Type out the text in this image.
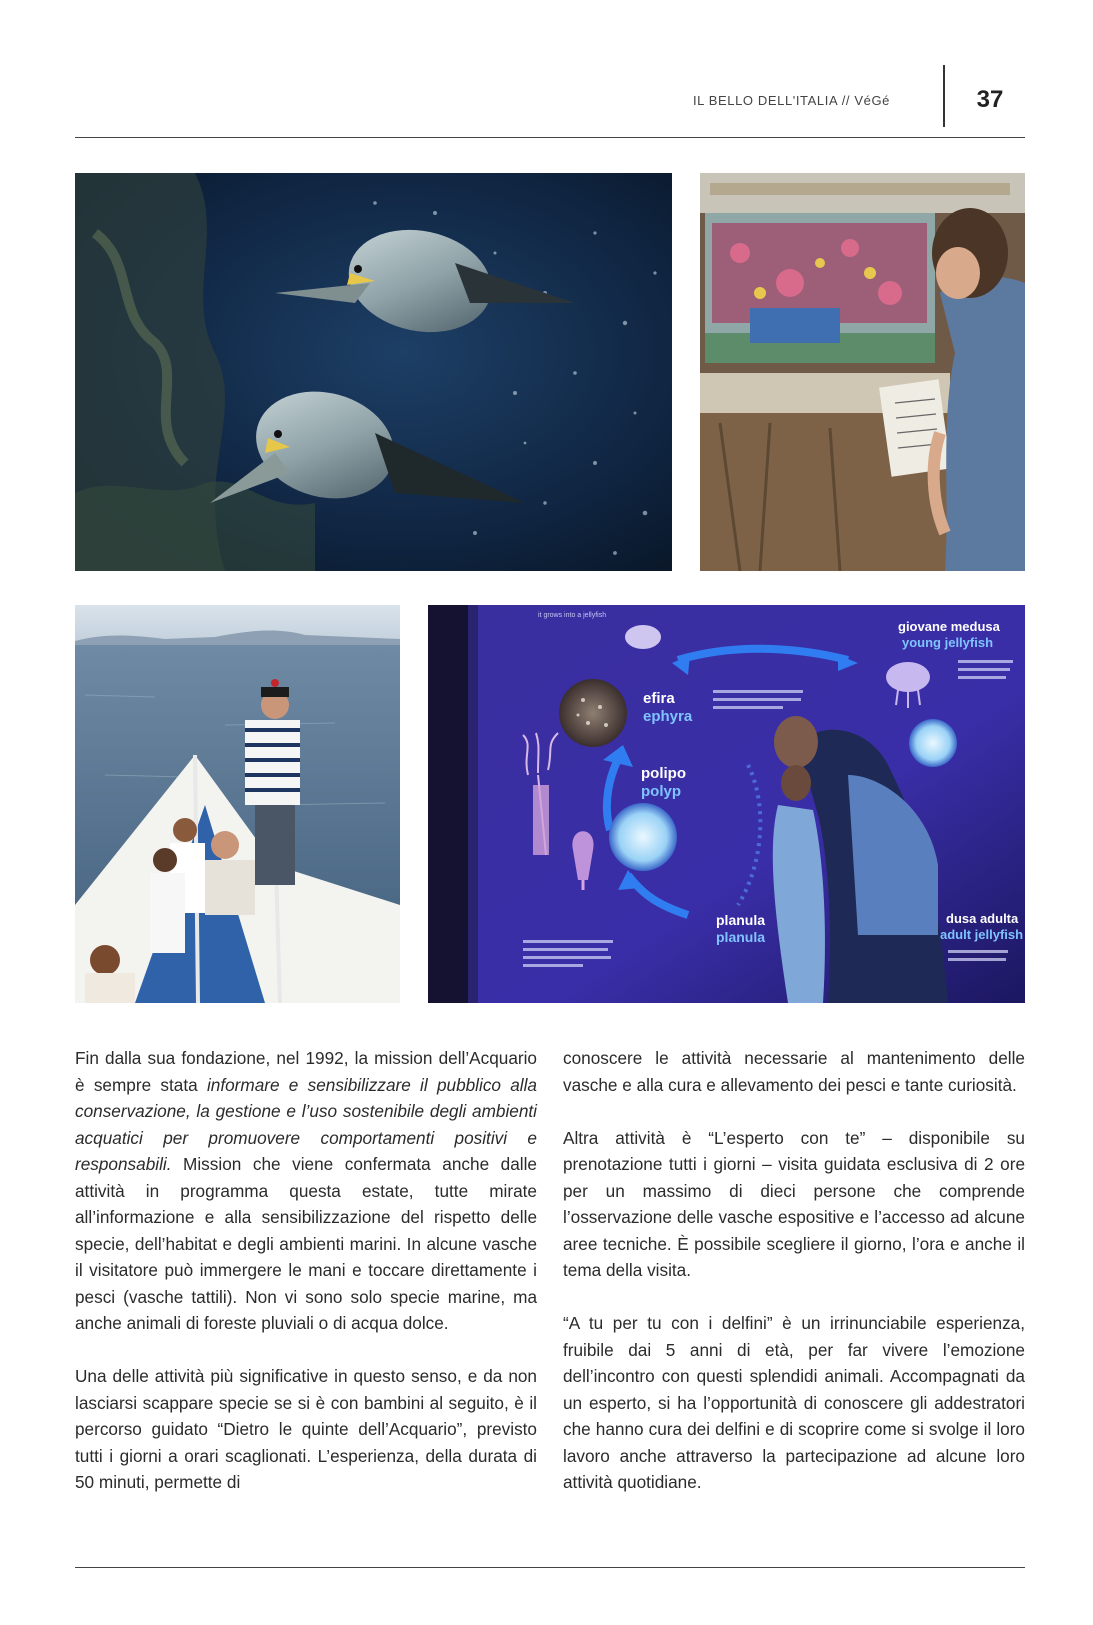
IL BELLO DELL'ITALIA // VéGé	37
efira
ephyra
polipo
polyp
planula
planula
giovane medusa
young jellyfish
dusa adulta
adult jellyfish
it grows into a jellyfish

Fin dalla sua fondazione, nel 1992, la mission dell’Acquario è sempre stata informare e sensibilizzare il pubblico alla conservazione, la gestione e l’uso sostenibile degli ambienti acquatici per promuovere comportamenti positivi e responsabili. Mission che viene confermata anche dalle attività in programma questa estate, tutte mirate all’informazione e alla sensibilizzazione del rispetto delle specie, dell’habitat e degli ambienti marini. In alcune vasche il visitatore può immergere le mani e toccare direttamente i pesci (vasche tattili). Non vi sono solo specie marine, ma anche animali di foreste pluviali o di acqua dolce.

Una delle attività più significative in questo senso, e da non lasciarsi scappare specie se si è con bambini al seguito, è il percorso guidato “Dietro le quinte dell’Acquario”, previsto tutti i giorni a orari scaglionati. L’esperienza, della durata di 50 minuti, permette di

conoscere le attività necessarie al mantenimento delle vasche e alla cura e allevamento dei pesci e tante curiosità.

Altra attività è “L’esperto con te” – disponibile su prenotazione tutti i giorni – visita guidata esclusiva di 2 ore per un massimo di dieci persone che comprende l’osservazione delle vasche espositive e l’accesso ad alcune aree tecniche. È possibile scegliere il giorno, l’ora e anche il tema della visita.

“A tu per tu con i delfini” è un irrinunciabile esperienza, fruibile dai 5 anni di età, per far vivere l’emozione dell’incontro con questi splendidi animali. Accompagnati da un esperto, si ha l’opportunità di conoscere gli addestratori che hanno cura dei delfini e di scoprire come si svolge il loro lavoro anche attraverso la partecipazione ad alcune loro attività quotidiane.
